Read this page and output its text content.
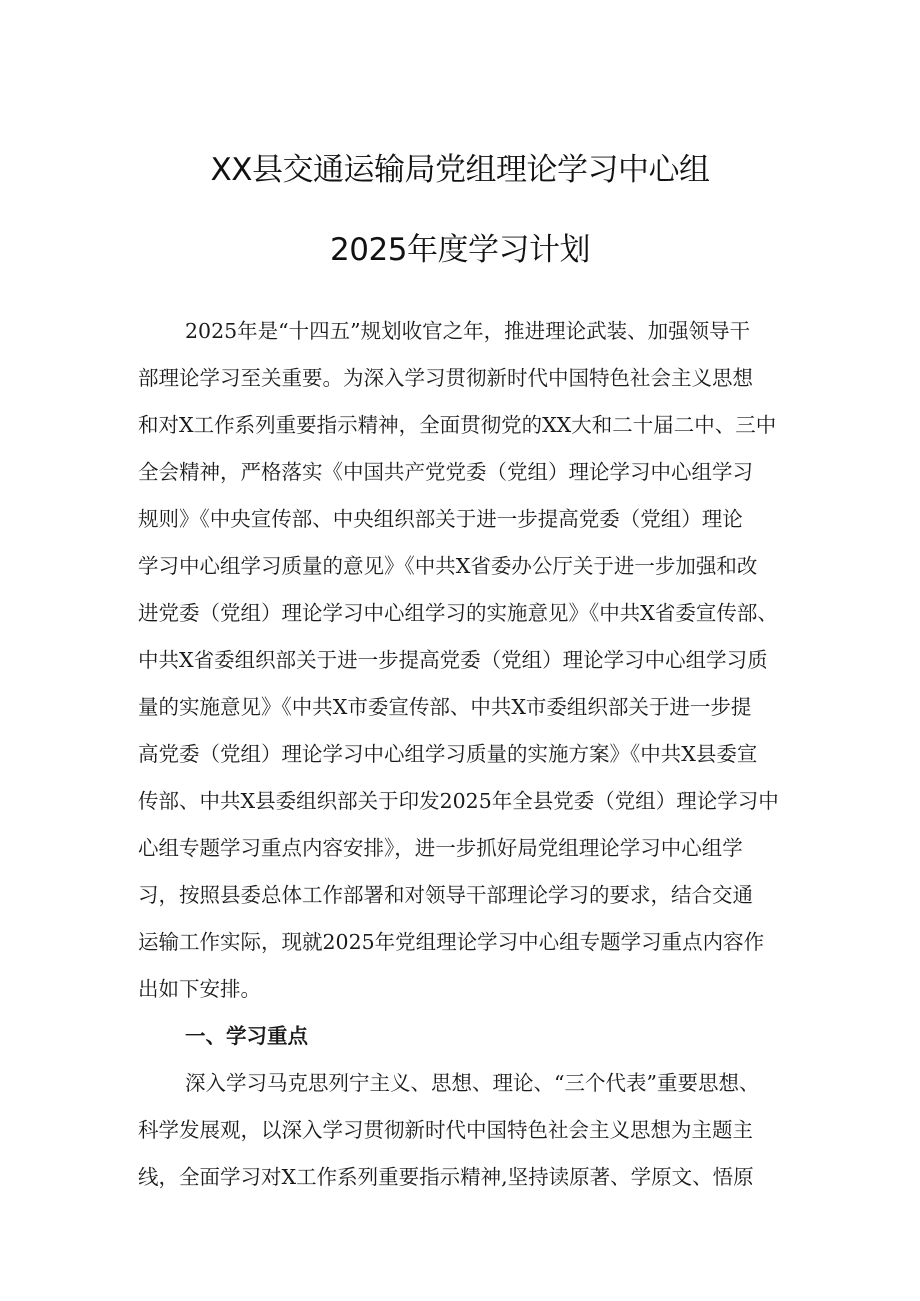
XX县交通运输局党组理论学习中心组
2025年度学习计划
2025年是“十四五”规划收官之年，推进理论武装、加强领导干
部理论学习至关重要。为深入学习贯彻新时代中国特色社会主义思想
和对X工作系列重要指示精神，全面贯彻党的XX大和二十届二中、三中
全会精神，严格落实《中国共产党党委（党组）理论学习中心组学习
规则》《中央宣传部、中央组织部关于进一步提高党委（党组）理论
学习中心组学习质量的意见》《中共X省委办公厅关于进一步加强和改
进党委（党组）理论学习中心组学习的实施意见》《中共X省委宣传部、
中共X省委组织部关于进一步提高党委（党组）理论学习中心组学习质
量的实施意见》《中共X市委宣传部、中共X市委组织部关于进一步提
高党委（党组）理论学习中心组学习质量的实施方案》《中共X县委宣
传部、中共X县委组织部关于印发2025年全县党委（党组）理论学习中
心组专题学习重点内容安排》，进一步抓好局党组理论学习中心组学
习，按照县委总体工作部署和对领导干部理论学习的要求，结合交通
运输工作实际，现就2025年党组理论学习中心组专题学习重点内容作
出如下安排。
一、学习重点
深入学习马克思列宁主义、思想、理论、“三个代表”重要思想、
科学发展观，以深入学习贯彻新时代中国特色社会主义思想为主题主
线，全面学习对X工作系列重要指示精神,坚持读原著、学原文、悟原
